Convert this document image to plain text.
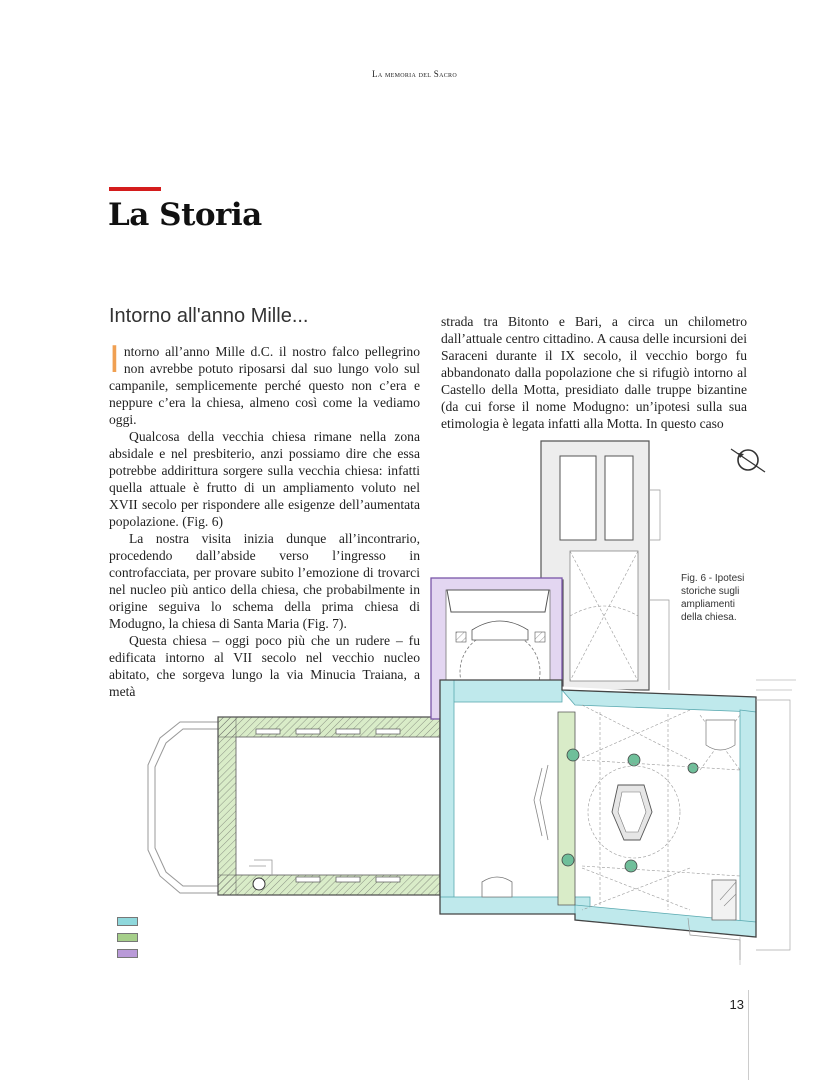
La memoria del Sacro
La Storia
Intorno all'anno Mille...

Intorno all’anno Mille d.C. il nostro falco pellegrino non avrebbe potuto riposarsi dal suo lungo volo sul campanile, semplicemente perché questo non c’era e neppure c’era la chiesa, almeno così come la vediamo oggi.

Qualcosa della vecchia chiesa rimane nella zona absidale e nel presbiterio, anzi possiamo dire che essa potrebbe addirittura sorgere sulla vecchia chiesa: infatti quella attuale è frutto di un ampliamento voluto nel XVII secolo per rispondere alle esigenze dell’aumentata popolazione. (Fig. 6)

La nostra visita inizia dunque all’incontrario, procedendo dall’abside verso l’ingresso in controfacciata, per provare subito l’emozione di trovarci nel nucleo più antico della chiesa, che probabilmente in origine seguiva lo schema della prima chiesa di Modugno, la chiesa di Santa Maria (Fig. 7).

Questa chiesa – oggi poco più che un rudere – fu edificata intorno al VII secolo nel vecchio nucleo abitato, che sorgeva lungo la via Minucia Traiana, a metà

strada tra Bitonto e Bari, a circa un chilometro dall’attuale centro cittadino. A causa delle incursioni dei Saraceni durante il IX secolo, il vecchio borgo fu abbandonato dalla popolazione che si rifugiò intorno al Castello della Motta, presidiato dalle truppe bizantine (da cui forse il nome Modugno: un’ipotesi sulla sua etimologia è legata infatti alla Motta. In questo caso

Fig. 6 - Ipotesi storiche sugli ampliamenti della chiesa.
13
